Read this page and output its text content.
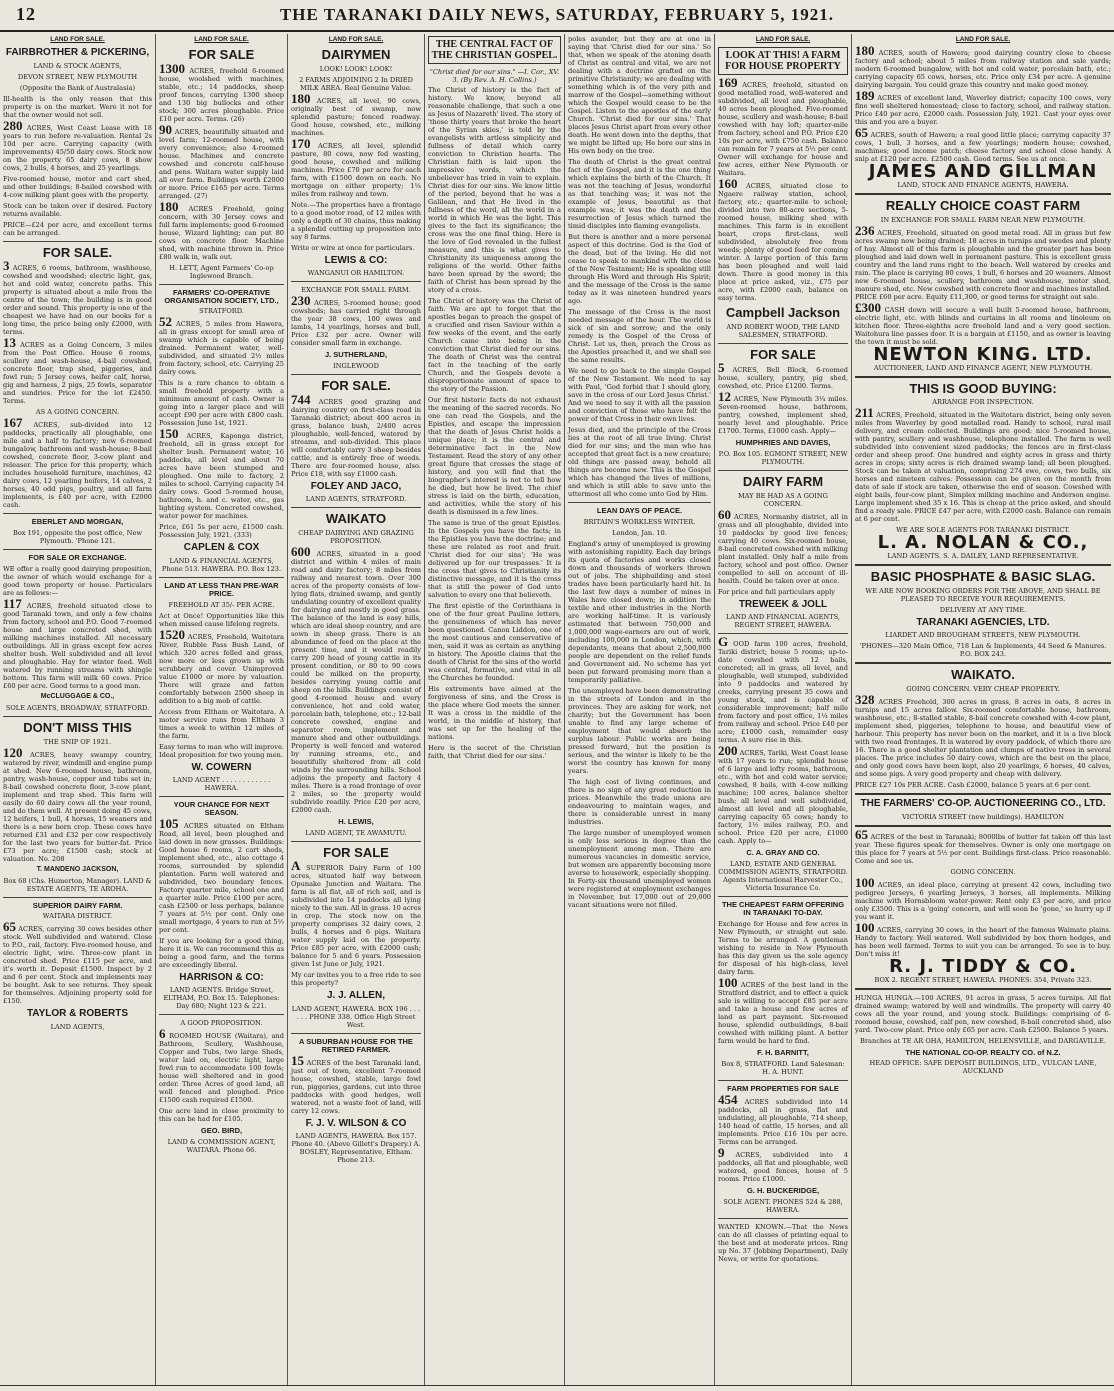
12	THE TARANAKI DAILY NEWS, SATURDAY, FEBRUARY 5, 1921.
LAND FOR SALE.
FAIRBROTHER & PICKERING,
LAND & STOCK AGENTS,
DEVON STREET, NEW PLYMOUTH
(Opposite the Bank of Australasia)
Ill-health is the only reason that this property is on the market. Were it not for that the owner would not sell.
280 ACRES, West Coast Lease with 18 years to run before re-valuation. Rental 2s 10d per acre. Carrying capacity (with improvements) 45/50 dairy cows. Stock now on the property 65 dairy cows, 8 show cows, 2 bulls, 4 horses, and 25 yearlings.
Five-roomed house, motor and cart shed, and other buildings; 8-bailed cowshed with 4-cow milking plant goes with the property.
Stock can be taken over if desired. Factory returns available.
PRICE—£24 per acre, and excellent terms can be arranged.
FOR SALE.
3 ACRES, 6 rooms, bathroom, washhouse, cowshed and woodshed; electric light, gas, hot and cold water, concrete paths. This property is situated about a mile from the centre of the town; the building is in good order and sound. This property is one of the cheapest we have had on our books for a long time, the price being only £2000, with terms.
13 ACRES as a Going Concern, 3 miles from the Post Office. House 6 rooms, scullery and wash-house, 4-bail cowshed, concrete floor, trap shed, piggeries, and fowl run; 5 Jersey cows, heifer calf, horse, gig and harness, 2 pigs, 25 fowls, separator and sundries. Price for the lot £2450. Terms.
AS A GOING CONCERN.
167 ACRES, sub-divided into 12 paddocks, practically all ploughable, one mile and a half to factory; new 6-roomed bungalow, bathroom and wash-house; 8-bail cowshed, concrete floor, 3-cow plant and releaser. The price for this property, which includes household furniture, machines, 42 dairy cows, 12 yearling heifers, 14 calves, 2 horses, 40 odd pigs, poultry, and all farm implements, is £40 per acre, with £2000 cash.
EBERLET AND MORGAN,
Box 191, opposite the post office, New Plymouth. 'Phone 121.
FOR SALE OR EXCHANGE.
WE offer a really good dairying proposition, the owner of which would exchange for a good town property or house. Particulars are as follows:—
117 ACRES, freehold situated close to good Taranaki town, and only a few chains from factory, school and P.O. Good 7-roomed house and large concreted shed, with milking machines installed. All necessary outbuildings. All in grass except few acres shelter bush. Well subdivided and all level and ploughable. Hay for winter feed. Well watered by running streams with shingle bottom. This farm will milk 60 cows. Price £60 per acre. Good terms to a good man.
McCLUGGAGE & CO.,
SOLE AGENTS, BROADWAY, STRATFORD.
DON'T MISS THIS
THE SNIP OF 1921.
120 ACRES, heavy swampy country, watered by river, windmill and engine pump at shed. New 6-roomed house, bathroom, pantry, wash-house, copper and tubs set in; 8-bail cowshed concrete floor, 3-cow plant, implement and trap shed. This farm will easily do 60 dairy cows all the year round, and do them well. At present doing 45 cows, 12 heifers, 1 bull, 4 horses, 15 weaners and there is a new born crop. These cows have returned £31 and £32 per cow respectively for the last two years for butter-fat. Price £73 per acre; £1500 cash; stock at valuation. No. 208
T. MANDENO JACKSON,
Box 68 (Chs. Humerton, Manager). LAND & ESTATE AGENTS, TE AROHA.
SUPERIOR DAIRY FARM.
WAITARA DISTRICT.
65 ACRES, carrying 30 cows besides other stock. Well subdivided and watered. Close to P.O., rail, factory. Five-roomed house, and electric light, wire. Three-cow plant in concreted shed. Price £115 per acre, and it's worth it. Deposit £1500. Inspect by 2 and 6 per cent. Stock and implements may be bought. Ask to see returns. They speak for themselves. Adjoining property sold for £150.
TAYLOR & ROBERTS
LAND AGENTS,
LAND FOR SALE.
FOR SALE
1300 ACRES, freehold 6-roomed house, woolshed with machines, stable, etc.; 14 paddocks, sheep proof fences, carrying 1300 sheep and 130 big bullocks and other stock; 300 acres ploughable. Price £10 per acre. Terms. (26)
90 ACRES, beautifully situated and level farm; 12-roomed house, with every convenience; also 4-roomed house. Machines and concrete cowshed and concrete calf-house and pens. Waitara water supply laid all over farm. Buildings worth £2000 or more. Price £165 per acre. Terms arranged. (27)
180 ACRES Freehold, going concern, with 30 Jersey cows and full farm implements; good 6-roomed house, Wizard lighting; can put 80 cows on concrete floor. Machine shed, with machine thrown in. Price £80 walk in, walk out.
H. LETT, Agent Farmers' Co-op Inglewood Branch.
FARMERS' CO-OPERATIVE ORGANISATION SOCIETY, LTD.,
STRATFORD.
52 ACRES, 5 miles from Hawera, all in grass except for small area of swamp which is capable of being drained. Permanent water, well-subdivided, and situated 2½ miles from factory, school, etc. Carrying 25 dairy cows.
This is a rare chance to obtain a small freehold property with a minimum amount of cash. Owner is going into a larger place and will accept £90 per acre with £800 cash. Possession June 1st, 1921.
150 ACRES, Kaponga district, freehold, all in grass except for shelter bush. Permanent water, 16 paddocks, all level and about 70 acres have been stumped and ploughed. One mile to factory, 2 miles to school. Carrying capacity 54 dairy cows. Good 5-roomed house, bathroom, h. and c. water, etc., gas lighting system. Concreted cowshed, water power for machines.
Price, £61 5s per acre, £1500 cash. Possession July, 1921. (333)
CAPLEN & COX
LAND & FINANCIAL AGENTS, Phone 513. HAWERA. P.O. Box 123.
LAND AT LESS THAN PRE-WAR PRICE.
FREEHOLD AT 35/- PER ACRE.
Act at Once! Opportunities like this when missed cause lifelong regrets.
1520 ACRES, Freehold, Waitotara River, Rubble Pass Bush Land, of which 320 acres felled and grass, now more or less grown up with scrubbery and cover. Unimproved value £1000 or more by valuation. There will graze and fatten comfortably between 2500 sheep in addition to a big mob of cattle.
Access from Eltham or Waitotara. A motor service runs from Eltham 3 times a week to within 12 miles of the farm.
Easy terms to man who will improve. Ideal proposition for two young men.
W. COWERN
LAND AGENT . . . . . . . . . . . . HAWERA.
YOUR CHANCE FOR NEXT SEASON.
105 ACRES situated on Eltham Road, all level, been ploughed and laid down in new grasses. Buildings: Good house 6 rooms, 2 cart sheds, implement shed, etc., also cottage 4 rooms, surrounded by splendid plantation. Farm well watered and subdivided, two boundary fences. Factory quarter mile, school one and a quarter mile. Price £100 per acre, cash £2500 or less perhaps, balance 7 years at 5½ per cent. Only one small mortgage, 4 years to run at 5½ per cent.
If you are looking for a good thing, here it is. We can recommend this as being a good farm, and the terms are exceedingly liberal.
HARRISON & CO:
LAND AGENTS. Bridge Street, ELTHAM, P.O. Box 15. Telephones: Day 680; Night 123 & 221.
A GOOD PROPOSITION.
6 ROOMED HOUSE (Waitara), and Bathroom, Scullery, Washhouse, Copper and Tubs, two large Sheds, water laid on, electric light, large fowl run to accommodate 100 fowls; house well sheltered and in good order. Three Acres of good land, all well fenced and ploughed. Price £1500 cash required £1500.
One acre land in close proximity to this can be had for £105.
GEO. BIRD,
LAND & COMMISSION AGENT, WAITARA. Phone 66.
LAND FOR SALE.
DAIRYMEN
LOOK! LOOK! LOOK!
2 FARMS ADJOINING 2 In DRIED MILK AREA. Real Genuine Value.
180 ACRES, all level, 90 cows, originally best of swamp, now splendid pasture; fenced roadway. Good house, cowshed, etc., milking machines.
170 ACRES, all level, splendid pasture, 80 cows, now fed wasting, good house, cowshed and milking machines. Price £70 per acre for each farm, with £1500 down on each. No mortgage on either property; 1¼ miles from railway and town.
Note.—The properties have a frontage to a good motor road, of 12 miles with only a depth of 30 chains, thus making a splendid cutting up proposition into say 8 farms.
Write or wire at once for particulars.
LEWIS & CO:
WANGANUI OR HAMILTON.
EXCHANGE FOR SMALL FARM.
230 ACRES, 5-roomed house; good cowsheds; has carried right through the year 38 cows, 100 ewes and lambs, 14 yearlings, horses and bull, Price £32 per acre. Owner will consider small farm in exchange.
J. SUTHERLAND,
INGLEWOOD
FOR SALE.
744 ACRES good grazing and dairying country on first-class road in Taranaki district; about 400 acres in grass, balance bush, 2/400 acres ploughable, well-fenced, watered by streams, and sub-divided. This place will comfortably carry 3 sheep besides cattle, and is entirely free of weeds. There are four-roomed house, also. Price £18, with say £1000 cash.
FOLEY AND JACO,
LAND AGENTS, STRATFORD.
WAIKATO
CHEAP DAIRYING AND GRAZING PROPOSITION.
600 ACRES, situated in a good district and within 4 miles of main road and dairy factory; 8 miles from railway and nearest town. Over 300 acres of the property consists of low-lying flats, drained swamp, and gently undulating country of excellent quality for dairying and mostly in good grass. The balance of the land is easy hills, which are ideal sheep country, and are sown in sheep grass. There is an abundance of feed on the place at the present time, and it would readily carry 200 head of young cattle in its present condition, or 80 to 90 cows could be milked on the property, besides carrying young cattle and sheep on the hills. Buildings consist of good 4-roomed house and every convenience, hot and cold water, porcelain bath, telephone, etc.; 12-bail concrete cowshed, engine and separator room, implement and manure shed and other outbuildings. Property is well fenced and watered by running streams, etc., and beautifully sheltered from all cold winds by the surrounding hills. School adjoins the property and factory 4 miles. There is a road frontage of over 2 miles, so the property would subdivide readily. Price £20 per acre, £2000 cash.
H. LEWIS,
LAND AGENT, TE AWAMUTU.
FOR SALE
A SUPERIOR Dairy Farm of 100 acres, situated half way between Opunake Junction and Waitara. The farm is all flat, all of rich soil, and is subdivided into 14 paddocks all lying nicely to the sun. All in grass. 10 acres in crop. The stock now on the property comprises 32 dairy cows, 2 bulls, 4 horses and 6 pigs. Waitara water supply laid on the property. Price £85 per acre, with £2000 cash; balance for 5 and 6 years. Possession given 1st June or July, 1921.
My car invites you to a free ride to see this property?
J. J. ALLEN,
LAND AGENT, HAWERA. BOX 196 . . . . . . PHONE 338. Office High Street West.
A SUBURBAN HOUSE FOR THE RETIRED FARMER.
15 ACRES of the best Taranaki land, just out of town, excellent 7-roomed house, cowshed, stable, large fowl run, piggeries, gardens, cut into three paddocks with good hedges, well watered, not a waste foot of land, will carry 12 cows.
F. J. V. WILSON & CO
LAND AGENTS, HAWERA. Box 157. Phone 40. (Above Gillett's Drapery.) A. BOSLEY, Representative, Eltham. Phone 213.
THE CENTRAL FACT OF THE CHRISTIAN GOSPEL.
"Christ died for our sins." —I. Cor., XV. 3. (By Rev. A. H. Collins.)
The Christ of history is the fact of history. We know, beyond all reasonable challenge, that such a one as Jesus of Nazareth' lived. The story of 'those thirty years that broke the heart of the Syrian skies,' is told by the evangelists with artless simplicity and fullness of detail which carry conviction to Christian hearts. The Christian faith is laid upon the impressive words, which the unbeliever has tried in vain to explain. Christ dies for our sins. We know little of the period, beyond that he was a Galilean, and that He lived in the fullness of the word, all the world in a world in which He was the light. This gives to the fact its significance; the cross was the one final thing. Here is the love of God revealed in the fullest measure, and this is what gives to Christianity its uniqueness among the religions of the world. Other faiths have been spread by the sword; the faith of Christ has been spread by the story of a cross.
The Christ of history was the Christ of faith. We are apt to forget that the apostles began to preach the gospel of a crucified and risen Saviour within a few weeks of the event, and the early Church came into being in the conviction that Christ died for our sins. The death of Christ was the central fact in the teaching of the early Church, and the Gospels devote a disproportionate amount of space to the story of the Passion.
Our first historic facts do not exhaust the meaning of the sacred records. No one can read the Gospels, and the Epistles, and escape the impression that the death of Jesus Christ holds a unique place; it is the central and determinative fact in the New Testament. Read the story of any other great figure that crosses the stage of history, and you will find that the biographer's interest is not to tell how he died, but how he lived. The chief stress is laid on the birth, education, and activities, while the story of his death is dismissed in a few lines.
The same is true of the great Epistles. In the Gospels you have the facts; in the Epistles you have the doctrine; and these are related as root and fruit. 'Christ died for our sins'; 'He was delivered up for our trespasses.' It is the cross that gives to Christianity its distinctive message, and it is the cross that is still the power of God unto salvation to every one that believeth.
The first epistle of the Corinthians is one of the four great Pauline letters, the genuineness of which has never been questioned. Canon Liddon, one of the most cautious and conservative of men, said it was as certain as anything in history. The Apostle claims that the death of Christ for the sins of the world was central, formative, and vital in all the Churches he founded.
His extrements have aimed at the forgiveness of sins, and the Cross is the place where God meets the sinner. It was a cross in the middle of the world, in the middle of history, that was set up for the healing of the nations.
Here is the secret of the Christian faith, that 'Christ died for our sins.'
poles asunder, but they are at one in saying that 'Christ died for our sins.' So that, when we speak of the atoning death of Christ as central and vital, we are not dealing with a doctrine grafted on the primitive Christianity; we are dealing with something which is of the very pith and marrow of the Gospel—something without which the Gospel would cease to be the Gospel. Listen to the apostles of the early Church. 'Christ died for our sins.' That places Jesus Christ apart from every other death. He went down into the depths, that we might be lifted up; He bore our sins in His own body on the tree.
The death of Christ is the great central fact of the Gospel, and it is the one thing which explains the birth of the Church. It was not the teaching of Jesus, wonderful as that teaching was; it was not the example of Jesus, beautiful as that example was; it was the death and the resurrection of Jesus which turned the timid disciples into flaming evangelists.
But there is another and a more personal aspect of this doctrine. God is the God of the dead, but of the living. He did not cease to speak to mankind with the close of the New Testament; He is speaking still through His Word and through His Spirit; and the message of the Cross is the same today as it was nineteen hundred years ago.
The message of the Cross is the most needed message of the hour. The world is sick of sin and sorrow; and the only remedy is the Gospel of the Cross of Christ. Let us, then, preach the Cross as the Apostles preached it, and we shall see the same results.
We need to go back to the simple Gospel of the New Testament. We need to say with Paul, 'God forbid that I should glory, save in the cross of our Lord Jesus Christ.' And we need to say it with all the passion and conviction of those who have felt the power of that Cross in their own lives.
Jesus died, and the principle of the Cross lies at the root of all true living. Christ died for our sins; and the man who has accepted that great fact is a new creature; old things are passed away, behold all things are become new. This is the Gospel which has changed the lives of millions, and which is still able to save unto the uttermost all who come unto God by Him.
LEAN DAYS OF PEACE.
BRITAIN'S WORKLESS WINTER.
London, Jan. 10.
England's army of unemployed is growing with astonishing rapidity. Each day brings its quota of factories and works closed down and thousands of workers thrown out of jobs. The shipbuilding and steel trades have been particularly hard hit. In the last few days a number of mines in Wales have closed down; in addition the textile and other industries in the North are working half-time. It is variously estimated that between 750,000 and 1,000,000 wage-earners are out of work, including 100,000 in London, which, with dependants, means that about 2,500,000 people are dependent on the relief funds and Government aid. No scheme has yet been put forward promising more than a temporarily palliative.
The unemployed have been demonstrating in the streets of London and in the provinces. They are asking for work, not charity; but the Government has been unable to find any large scheme of employment that would absorb the surplus labour. Public works are being pressed forward, but the position is serious, and the winter is likely to be the worst the country has known for many years.
The high cost of living continues, and there is no sign of any great reduction in prices. Meanwhile the trade unions are endeavouring to maintain wages, and there is considerable unrest in many industries.
The large number of unemployed women is only less serious in degree than the unemployment among men. There are numerous vacancies in domestic service, but women are apparently becoming more averse to housework, especially shopping. In Forty-six thousand unemployed women were registered at employment exchanges in November, but 17,000 out of 29,000 vacant situations were not filled.
LAND FOR SALE.
LOOK AT THIS! A FARM FOR HOUSE PROPERTY
169 ACRES, freehold, situated on good metalled road, well-watered and subdivided, all level and ploughable, 40 acres been ploughed. Five-roomed house, scullery and wash-house; 8-bail cowshed with hay loft; quarter-mile from factory, school and P.O. Price £20 10s per acre, with £750 cash. Balance can remain for 7 years at 5½ per cent. Owner will exchange for house and few acres, either New Plymouth or Waitara.
160 ACRES, situated close to Ngaere railway station, school, factory, etc.; quarter-mile to school; divided into two 80-acre sections, 5-roomed house, milking shed with machines. This farm is in excellent heart, crops first-class, well subdivided, absolutely free from weeds; plenty of good feed for coming winter. A large portion of this farm has been ploughed and well laid down. There is good money in this place at price asked, viz., £75 per acre, with £2000 cash, balance on easy terms.
Campbell Jackson
AND ROBERT WOOD, THE LAND SALESMEN, STRATFORD.
FOR SALE
5 ACRES, Bell Block, 6-roomed house, scullery, pantry, pig shed, cowshed, etc. Price £1200. Terms.
12 ACRES, New Plymouth 3¼ miles. Seven-roomed house, bathroom, pantry, cowshed, implement shed, nearly level and ploughable. Price £1700. Terms, £1000 cash. Apply—
HUMPHRIES AND DAVIES,
P.O. Box 105. EGMONT STREET, NEW PLYMOUTH.
DAIRY FARM
MAY BE HAD AS A GOING CONCERN.
60 ACRES, Normanby district, all in grass and all ploughable, divided into 10 paddocks by good live fences; carrying 40 cows. Six-roomed house, 8-bail concreted cowshed with milking plant installed. Only half a mile from factory, school and post office. Owner compelled to sell on account of ill-health. Could be taken over at once.
For price and full particulars apply
TREWEEK & JOLL
LAND AND FINANCIAL AGENTS, REGENT STREET, HAWERA.
G OOD farm 100 acres, freehold, Tariki district; house 5 rooms; up-to-date cowshed with 12 bails, concreted; all in grass, all level, and ploughable, well stumped, subdivided into 9 paddocks and watered by creeks, carrying present 35 cows and young stock, and is capable of considerable improvement; half mile from factory and post office, 1¼ miles from railway and school. Price £40 per acre; £1000 cash, remainder easy terms. A sure rise in this.
200 ACRES, Tariki, West Coast lease with 17 years to run; splendid house of 6 large and lofty rooms, bathroom, etc., with hot and cold water service; cowshed, 8 bails, with 4-cow milking machine; 100 acres, balance shelter bush; all level and well subdivided, almost all level and all ploughable, carrying capacity 65 cows; handy to factory, 1½ miles railway, P.O. and school. Price £20 per acre, £1000 cash. Apply to—
C. A. GRAY AND CO.
LAND, ESTATE AND GENERAL COMMISSION AGENTS, STRATFORD. Agents International Harvester Co., Victoria Insurance Co.
THE CHEAPEST FARM OFFERING IN TARANAKI TO-DAY.
Exchange for House and few acres in New Plymouth, or straight out sale. Terms to be arranged. A gentleman wishing to reside in New Plymouth has this day given us the sole agency for disposal of his high-class, level dairy farm.
100 ACRES of the best land in the Stratford district, and to effect a quick sale is willing to accept £85 per acre and take a house and few acres of land as part payment. Six-roomed house, splendid outbuildings, 8-bail cowshed with milking plant. A better farm would be hard to find.
F. H. BARNITT,
Box 8, STRATFORD. Land Salesman: H. A. HUNT.
FARM PROPERTIES FOR SALE
454 ACRES subdivided into 14 paddocks, all in grass, flat and undulating, all ploughable, 714 sheep, 140 head of cattle, 15 horses, and all implements. Price £16 10s per acre. Terms can be arranged.
9 ACRES, subdivided into 4 paddocks, all flat and ploughable, well watered, good fences, house of 5 rooms. Price £1000.
G. H. BUCKERIDGE,
SOLE AGENT. PHONES 524 & 288, HAWERA.
WANTED KNOWN.—That the News can do all classes of printing equal to the best and at moderate prices. Ring up No. 37 (Jobbing Department), Daily News, or write for quotations.
LAND FOR SALE.
180 ACRES, south of Hawera; good dairying country close to cheese factory and school; about 5 miles from railway station and sale yards; modern 6-roomed bungalow, with hot and cold water, porcelain bath, etc.; carrying capacity 65 cows, horses, etc. Price only £34 per acre. A genuine dairying bargain. You could graze this country and make good money.
189 ACRES of excellent land, Waverley district; capacity 100 cows, very fine well sheltered homestead; close to factory, school, and railway station. Price £40 per acre, £2000 cash. Possession July, 1921. Cast your eyes over this and you are a buyer.
65 ACRES, south of Hawera; a real good little place; carrying capacity 37 cows, 1 bull, 3 horses, and a few yearlings; modern house; cowshed, machines; good income patch; cheese factory and school close handy. A snip at £120 per acre. £2500 cash. Good terms. See us at once.
JAMES AND GILLMAN
LAND, STOCK AND FINANCE AGENTS, HAWERA.
REALLY CHOICE COAST FARM
IN EXCHANGE FOR SMALL FARM NEAR NEW PLYMOUTH.
236 ACRES, Freehold, situated on good metal road. All in grass but few acres swamp now being drained; 18 acres in turnips and swedes and plenty of hay. Almost all of this farm is ploughable and the greater part has been ploughed and laid down well in permanent pasture. This is excellent grass country and the land runs right to the beach. Well watered by creeks and rain. The place is carrying 80 cows, 1 bull, 6 horses and 20 weaners. Almost new 6-roomed house, scullery, bathroom and washhouse, motor shed, manure shed, etc. New cowshed with concrete floor and machines installed. PRICE £60 per acre. Equity £11,300, or good terms for straight out sale.
£300 CASH down will secure a well built 5-roomed house, bathroom, electric light, etc. with blinds and curtains in all rooms and linoleum on kitchen floor. Three-eighths acre freehold land and a very good section. Waitohura line passes door. It is a bargain at £1150, and as owner is leaving the town it must be sold.
NEWTON KING. LTD.
AUCTIONEER, LAND AND FINANCE AGENT, NEW PLYMOUTH.
THIS IS GOOD BUYING:
ARRANGE FOR INSPECTION.
211 ACRES, Freehold, situated in the Waitotara district, being only seven miles from Waverley by good metalled road. Handy to school, rural mail delivery, and cream collected. Buildings are good: nice 5-roomed house, with pantry, scullery and washhouse, telephone installed. The farm is well subdivided into convenient sized paddocks; the fences are in first-class order and sheep proof. One hundred and eighty acres in grass and thirty acres in crops; sixty acres is rich drained swamp land; all been ploughed. Stock can be taken at valuation, comprising 274 ewe, cows, two bulls, six horses and nineteen calves. Possession can be given on the month from date of sale if stock are taken, otherwise the end of season. Cowshed with eight bails, four-cow plant, Simplex milking machine and Anderson engine. Large implement shed 35 x 16. This is cheap at the price asked, and should find a ready sale. PRICE £47 per acre, with £2000 cash. Balance can remain at 6 per cent.
WE ARE SOLE AGENTS FOR TARANAKI DISTRICT.
L. A. NOLAN & CO.,
LAND AGENTS. S. A. DAILEY, LAND REPRESENTATIVE.
BASIC PHOSPHATE & BASIC SLAG.
WE ARE NOW BOOKING ORDERS FOR THE ABOVE, AND SHALL BE PLEASED TO RECEIVE YOUR REQUIREMENTS.
DELIVERY AT ANY TIME.
TARANAKI AGENCIES, LTD.
LIARDET AND BROUGHAM STREETS, NEW PLYMOUTH.
'PHONES—320 Main Office, 718 Lan & Implements, 44 Seed & Manures. P.O. BOX 243.
WAIKATO.
GOING CONCERN. VERY CHEAP PROPERTY.
328 ACRES Freehold, 300 acres in grass, 8 acres in oats, 8 acres in turnips and 15 acres fallow. Six-roomed comfortable house, bathroom, washhouse, etc.; 8-stalled stable, 8-bail concrete cowshed with 4-cow plant, implement shed, piggeries, telephone to house, and beautiful view of harbour. This property has never been on the market, and it is a live block with two road frontages. It is watered by every paddock, of which there are 16. There is a good shelter plantation and clumps of native trees in several places. The price includes 50 dairy cows, which are the best on the place, and only good cows have been kept, also 20 yearlings, 6 horses, 40 calves, and some pigs. A very good property and cheap with delivery.
PRICE £27 10s PER ACRE. Cash £2000, balance 5 years at 6 per cent.
THE FARMERS' CO-OP. AUCTIONEERING CO., LTD.
VICTORIA STREET (new buildings). HAMILTON
65 ACRES of the best in Taranaki; 8000lbs of butter fat taken off this last year. These figures speak for themselves. Owner is only one mortgage on this place for 7 years at 5½ per cent. Buildings first-class. Price reasonable. Come and see us.
GOING CONCERN.
100 ACRES, an ideal place, carrying at present 42 cows, including two pedigree Jerseys, 6 yearling Jerseys, 3 horses, all implements. Milking machine with Hornsbloom water-power. Rent only £3 per acre, and price only £3500. This is a 'going' concern, and will soon be 'gone,' so hurry up if you want it.
100 ACRES, carrying 30 cows, in the heart of the famous Waimate plains. Handy to factory. Well watered. Well subdivided by box thorn hedges, and has been well farmed. Terms to suit you can be arranged. To see is to buy. Don't miss it!
R. J. TIDDY & CO.
BOX 2. REGENT STREET, HAWERA. PHONES: 354, Private 323.
HUNGA HUNGA.—100 ACRES, 91 acres in grass, 5 acres turnips. All flat drained swamp; watered by well and windmills. The property will carry 40 cows all the year round, and young stock. Buildings: comprising of 6-roomed house, cowshed, calf pen, new cowshed, 8-bail concreted shed, also yard. Two-cow plant. Price only £65 per acre. Cash £2500. Balance 5 years.
Branches at TE AR OHA, HAMILTON, HELENSVILLE, and DARGAVILLE.
THE NATIONAL CO-OP. REALTY CO. of N.Z.
HEAD OFFICE: SAFE DEPOSIT BUILDINGS, LTD., VULCAN LANE, AUCKLAND
